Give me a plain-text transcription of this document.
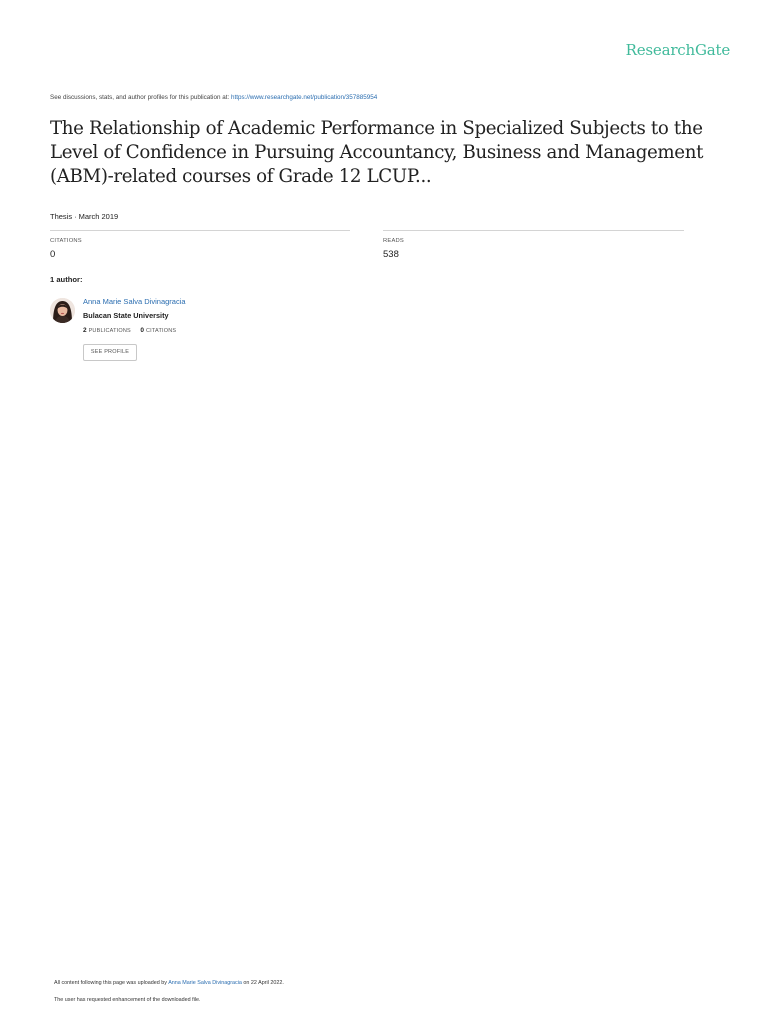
ResearchGate
See discussions, stats, and author profiles for this publication at: https://www.researchgate.net/publication/357885954
The Relationship of Academic Performance in Specialized Subjects to the Level of Confidence in Pursuing Accountancy, Business and Management (ABM)-related courses of Grade 12 LCUP...
Thesis · March 2019
CITATIONS
0
READS
538
1 author:
Anna Marie Salva Divinagracia
Bulacan State University
2 PUBLICATIONS 0 CITATIONS
SEE PROFILE
All content following this page was uploaded by Anna Marie Salva Divinagracia on 22 April 2022.
The user has requested enhancement of the downloaded file.
